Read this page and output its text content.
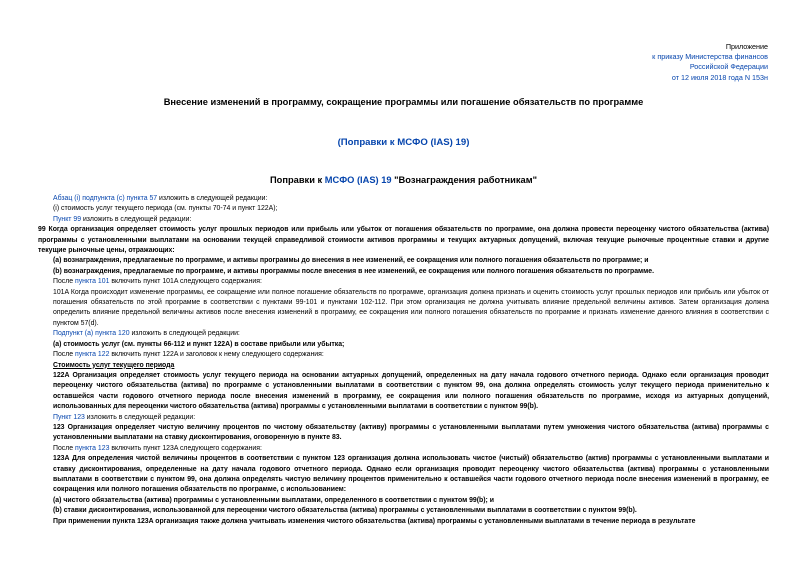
Приложение
к приказу Министерства финансов
Российской Федерации
от 12 июля 2018 года N 153н
Внесение изменений в программу, сокращение программы или погашение обязательств по программе
(Поправки к МСФО (IAS) 19)
Поправки к МСФО (IAS) 19 "Вознаграждения работникам"

Абзац (i) подпункта (c) пункта 57 изложить в следующей редакции:

(i) стоимость услуг текущего периода (см. пункты 70-74 и пункт 122A);

Пункт 99 изложить в следующей редакции:

99 Когда организация определяет стоимость услуг прошлых периодов или прибыль или убыток от погашения обязательств по программе, она должна провести переоценку чистого обязательства (актива) программы с установленными выплатами на основании текущей справедливой стоимости активов программы и текущих актуарных допущений, включая текущие рыночные процентные ставки и другие текущие рыночные цены, отражающих:

(a) вознаграждения, предлагаемые по программе, и активы программы до внесения в нее изменений, ее сокращения или полного погашения обязательств по программе; и

(b) вознаграждения, предлагаемые по программе, и активы программы после внесения в нее изменений, ее сокращения или полного погашения обязательств по программе.

После пункта 101 включить пункт 101A следующего содержания:

101A Когда происходит изменение программы, ее сокращение или полное погашение обязательств по программе, организация должна признать и оценить стоимость услуг прошлых периодов или прибыль или убыток от погашения обязательств по этой программе в соответствии с пунктами 99-101 и пунктами 102-112. При этом организация не должна учитывать влияние предельной величины активов. Затем организация должна определить влияние предельной величины активов после внесения изменений в программу, ее сокращения или полного погашения обязательств по программе и признать изменение данного влияния в соответствии с пунктом 57(d).

Подпункт (a) пункта 120 изложить в следующей редакции:

(a) стоимость услуг (см. пункты 66-112 и пункт 122A) в составе прибыли или убытка;

После пункта 122 включить пункт 122A и заголовок к нему следующего содержания:

Стоимость услуг текущего периода

122A Организация определяет стоимость услуг текущего периода на основании актуарных допущений, определенных на дату начала годового отчетного периода. Однако если организация проводит переоценку чистого обязательства (актива) по программе с установленными выплатами в соответствии с пунктом 99, она должна определять стоимость услуг текущего периода применительно к оставшейся части годового отчетного периода после внесения изменений в программу, ее сокращения или полного погашения обязательств по программе, исходя из актуарных допущений, использованных для переоценки чистого обязательства (актива) программы с установленными выплатами в соответствии с пунктом 99(b).

Пункт 123 изложить в следующей редакции:

123 Организация определяет чистую величину процентов по чистому обязательству (активу) программы с установленными выплатами путем умножения чистого обязательства (актива) программы с установленными выплатами на ставку дисконтирования, оговоренную в пункте 83.

После пункта 123 включить пункт 123A следующего содержания:

123A Для определения чистой величины процентов в соответствии с пунктом 123 организация должна использовать чистое (чистый) обязательство (актив) программы с установленными выплатами и ставку дисконтирования, определенные на дату начала годового отчетного периода. Однако если организация проводит переоценку чистого обязательства (актива) программы с установленными выплатами в соответствии с пунктом 99, она должна определять чистую величину процентов применительно к оставшейся части годового отчетного периода после внесения изменений в программу, ее сокращения или полного погашения обязательств по программе, с использованием:

(a) чистого обязательства (актива) программы с установленными выплатами, определенного в соответствии с пунктом 99(b); и

(b) ставки дисконтирования, использованной для переоценки чистого обязательства (актива) программы с установленными выплатами в соответствии с пунктом 99(b).

При применении пункта 123A организация также должна учитывать изменения чистого обязательства (актива) программы с установленными выплатами в течение периода в результате
